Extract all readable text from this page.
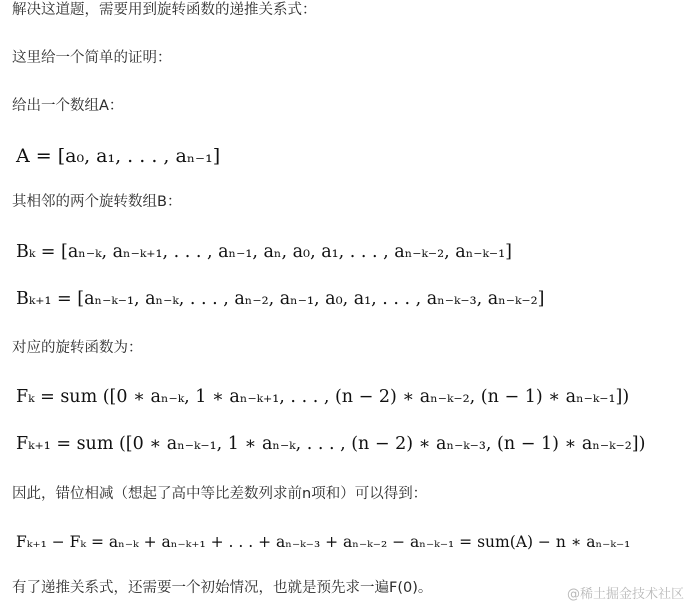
解决这道题，需要用到旋转函数的递推关系式：
这里给一个简单的证明：
给出一个数组A：
A = [a₀, a₁, . . . , aₙ₋₁]
其相邻的两个旋转数组B：
Bₖ = [aₙ₋ₖ, aₙ₋ₖ₊₁, . . . , aₙ₋₁, aₙ, a₀, a₁, . . . , aₙ₋ₖ₋₂, aₙ₋ₖ₋₁]
Bₖ₊₁ = [aₙ₋ₖ₋₁, aₙ₋ₖ, . . . , aₙ₋₂, aₙ₋₁, a₀, a₁, . . . , aₙ₋ₖ₋₃, aₙ₋ₖ₋₂]
对应的旋转函数为：
Fₖ = sum ([0 ∗ aₙ₋ₖ, 1 ∗ aₙ₋ₖ₊₁, . . . , (n − 2) ∗ aₙ₋ₖ₋₂, (n − 1) ∗ aₙ₋ₖ₋₁])
Fₖ₊₁ = sum ([0 ∗ aₙ₋ₖ₋₁, 1 ∗ aₙ₋ₖ, . . . , (n − 2) ∗ aₙ₋ₖ₋₃, (n − 1) ∗ aₙ₋ₖ₋₂])
因此，错位相减（想起了高中等比差数列求前n项和）可以得到：
Fₖ₊₁ − Fₖ = aₙ₋ₖ + aₙ₋ₖ₊₁ + . . . + aₙ₋ₖ₋₃ + aₙ₋ₖ₋₂ − aₙ₋ₖ₋₁ = sum(A) − n ∗ aₙ₋ₖ₋₁
有了递推关系式，还需要一个初始情况，也就是预先求一遍F(0)。	@稀土掘金技术社区
